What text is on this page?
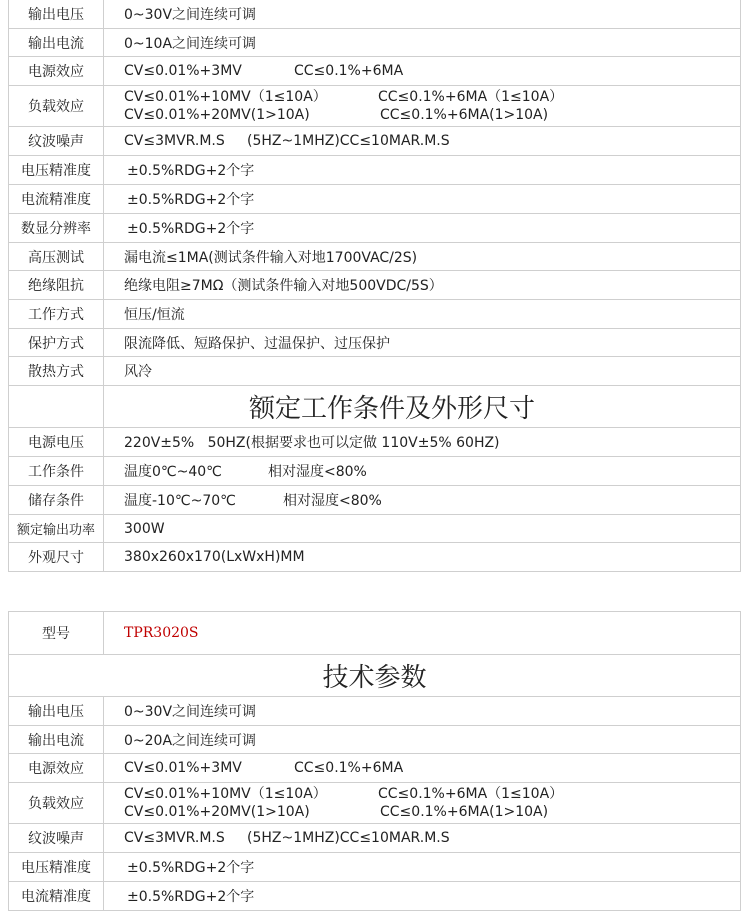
输出电压	0~30V之间连续可调
输出电流	0~10A之间连续可调
电源效应	CV≤0.01%+3MV CC≤0.1%+6MA
负载效应	CV≤0.01%+10MV（1≤10A） CC≤0.1%+6MA（1≤10A）
CV≤0.01%+20MV(1>10A) CC≤0.1%+6MA(1>10A)

纹波噪声	CV≤3MVR.M.S     (5HZ~1MHZ)CC≤10MAR.M.S
电压精准度	±0.5%RDG+2个字
电流精准度	±0.5%RDG+2个字
数显分辨率	±0.5%RDG+2个字
高压测试	漏电流≤1MA(测试条件输入对地1700VAC/2S)
绝缘阻抗	绝缘电阻≥7MΩ（测试条件输入对地500VDC/5S）
工作方式	恒压/恒流
保护方式	限流降低、短路保护、过温保护、过压保护
散热方式	风冷
	额定工作条件及外形尺寸
电源电压	220V±5%   50HZ(根据要求也可以定做 110V±5% 60HZ)
工作条件	温度0℃~40℃ 相对湿度<80%
储存条件	温度-10℃~70℃ 相对湿度<80%
额定输出功率	300W
外观尺寸	380x260x170(LxWxH)MM
型号	TPR3020S
技术参数	
输出电压	0~30V之间连续可调
输出电流	0~20A之间连续可调
电源效应	CV≤0.01%+3MV CC≤0.1%+6MA
负载效应	CV≤0.01%+10MV（1≤10A） CC≤0.1%+6MA（1≤10A）
CV≤0.01%+20MV(1>10A) CC≤0.1%+6MA(1>10A)

纹波噪声	CV≤3MVR.M.S     (5HZ~1MHZ)CC≤10MAR.M.S
电压精准度	±0.5%RDG+2个字
电流精准度	±0.5%RDG+2个字
